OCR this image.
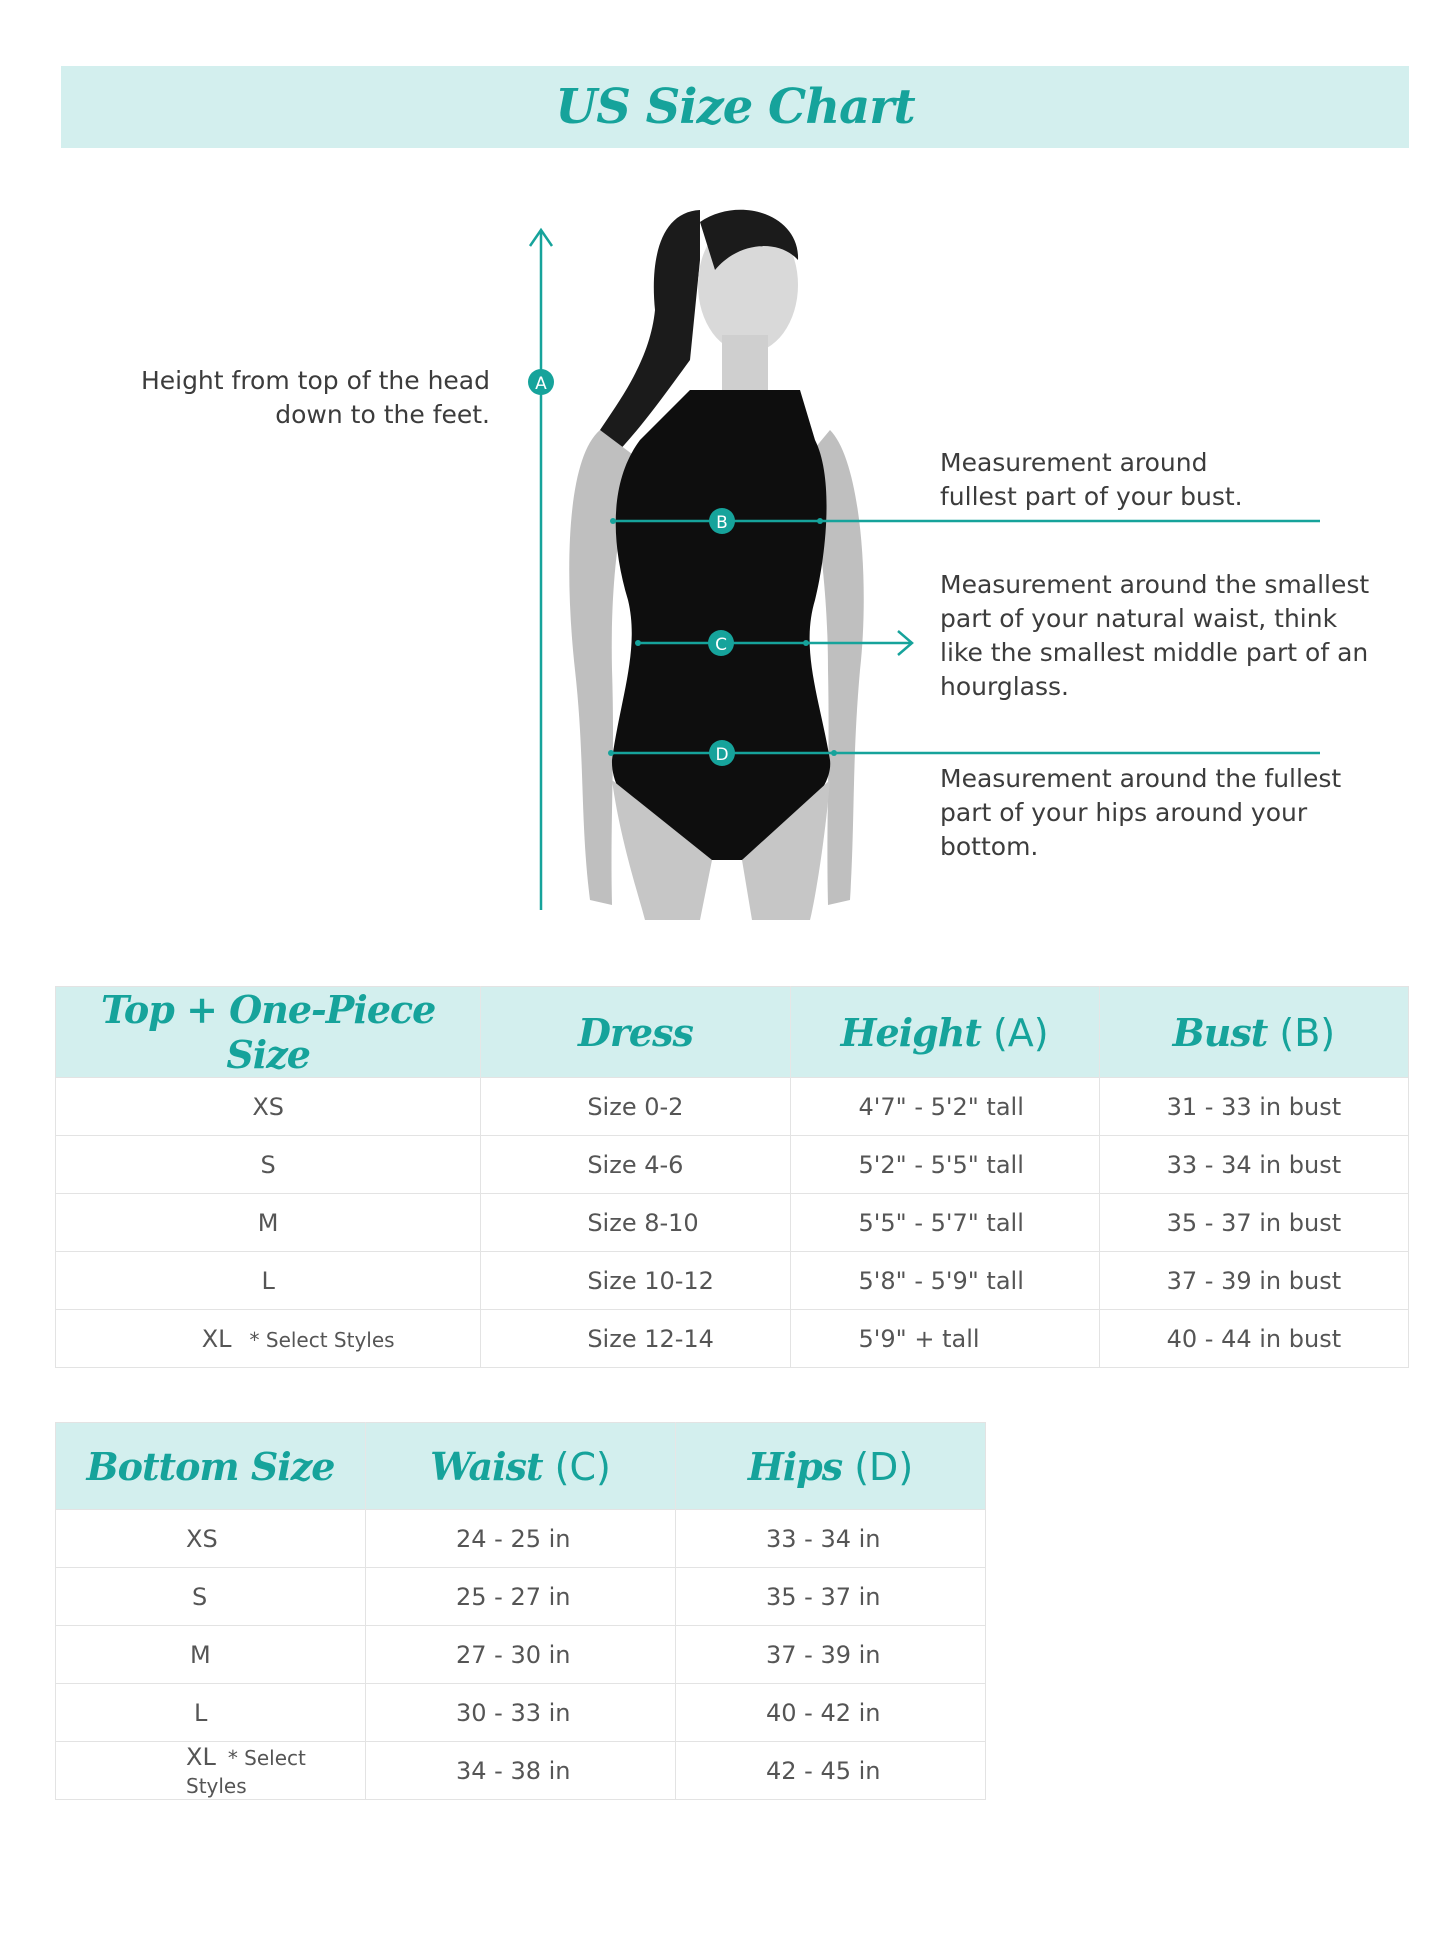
US Size Chart
A
B
C
D

Height from top of the head
down to the feet.

Measurement around
fullest part of your bust.

Measurement around the smallest
part of your natural waist, think
like the smallest middle part of an
hourglass.

Measurement around the fullest
part of your hips around your
bottom.

Top + One-Piece Size	Dress	Height (A)	Bust (B)
XS	Size 0-2	4'7" - 5'2" tall	31 - 33 in bust
S	Size 4-6	5'2" - 5'5" tall	33 - 34 in bust
M	Size 8-10	5'5" - 5'7" tall	35 - 37 in bust
L	Size 10-12	5'8" - 5'9" tall	37 - 39 in bust
XL * Select Styles	Size 12-14	5'9" + tall	40 - 44 in bust
Bottom Size	Waist (C)	Hips (D)
XS	24 - 25 in	33 - 34 in
S	25 - 27 in	35 - 37 in
M	27 - 30 in	37 - 39 in
L	30 - 33 in	40 - 42 in
XL * Select Styles	34 - 38 in	42 - 45 in
